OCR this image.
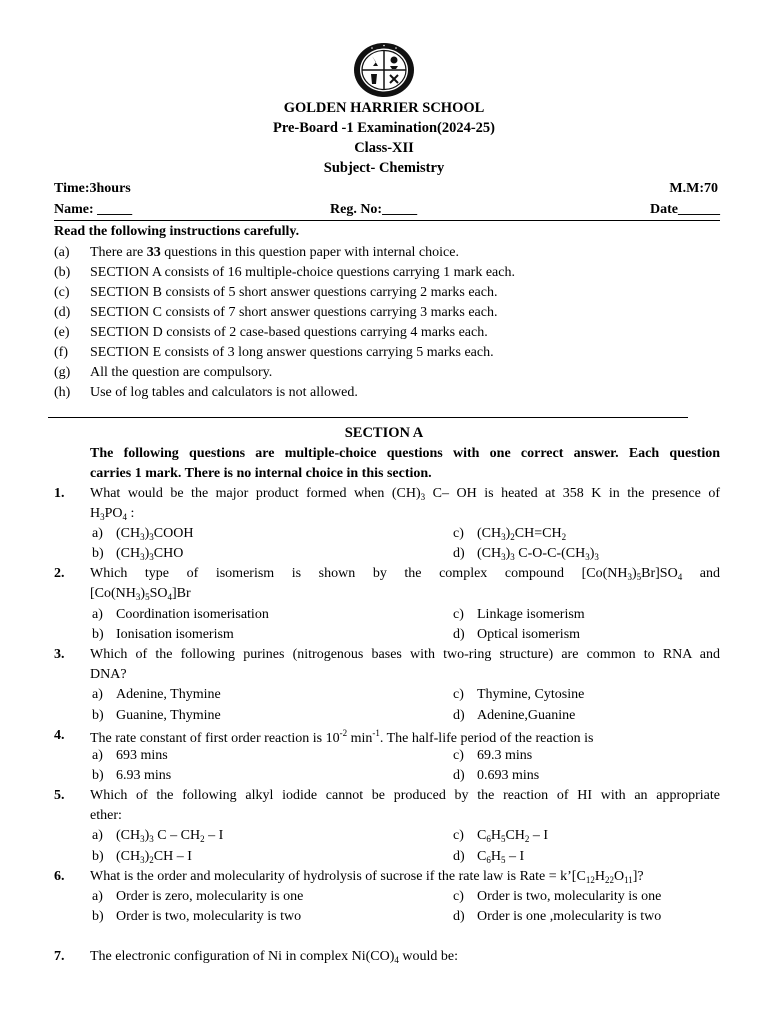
GOLDEN HARRIER SCHOOL
Pre-Board -1 Examination(2024-25)
Class-XII
Subject- Chemistry
Time:3hours	M.M:70
Name: _____	Reg. No:_____	Date______
Read the following instructions carefully.
(a)	There are 33 questions in this question paper with internal choice.
(b)	SECTION A consists of 16 multiple-choice questions carrying 1 mark each.
(c)	SECTION B consists of 5 short answer questions carrying 2 marks each.
(d)	SECTION C consists of 7 short answer questions carrying 3 marks each.
(e)	SECTION D consists of 2 case-based questions carrying 4 marks each.
(f)	SECTION E consists of 3 long answer questions carrying 5 marks each.
(g)	All the question are compulsory.
(h)	Use of log tables and calculators is not allowed.
SECTION A
The following questions are multiple-choice questions with one correct answer. Each question
carries 1 mark. There is no internal choice in this section.
1. What would be the major product formed when $(CH)_3$ C– OH is heated at 358 K in the presence of
$H_3PO_4$ :
a) $(CH_3)_3COOH$	c) $(CH_3)_2CH=CH_2$
b) $(CH_3)_3CHO$	d) $(CH_3)_3$ $C-O-C-(CH_3)_3$
2. Which type of isomerism is shown by the complex compound $[Co(NH_3)_5Br]SO_4$ and
$[Co(NH_3)_5SO_4]Br$
a) Coordination isomerisation	c) Linkage isomerism
b) Ionisation isomerism	d) Optical isomerism
3. Which of the following purines (nitrogenous bases with two-ring structure) are common to RNA and
DNA?
a) Adenine, Thymine	c) Thymine, Cytosine
b) Guanine, Thymine	d) Adenine,Guanine
4. The rate constant of first order reaction is $10^{-2}$ $\min^{-1}$. The half-life period of the reaction is
a) 693 mins	c) 69.3 mins
b) 6.93 mins	d) 0.693 mins
5. Which of the following alkyl iodide cannot be produced by the reaction of HI with an appropriate
ether:
a) $(CH_3)_3$ C – $CH_2$ – I	c) $C_6H_5CH_2$ – I
b) $(CH_3)_2CH$ – I	d) $C_6H_5$ – I
6. What is the order and molecularity of hydrolysis of sucrose if the rate law is Rate = $k’[C_{12}H_{22}O_{11}]$?
a) Order is zero, molecularity is one	c) Order is two, molecularity is one
b) Order is two, molecularity is two	d) Order is one ,molecularity is two
7. The electronic configuration of Ni in complex $Ni(CO)_4$ would be:
